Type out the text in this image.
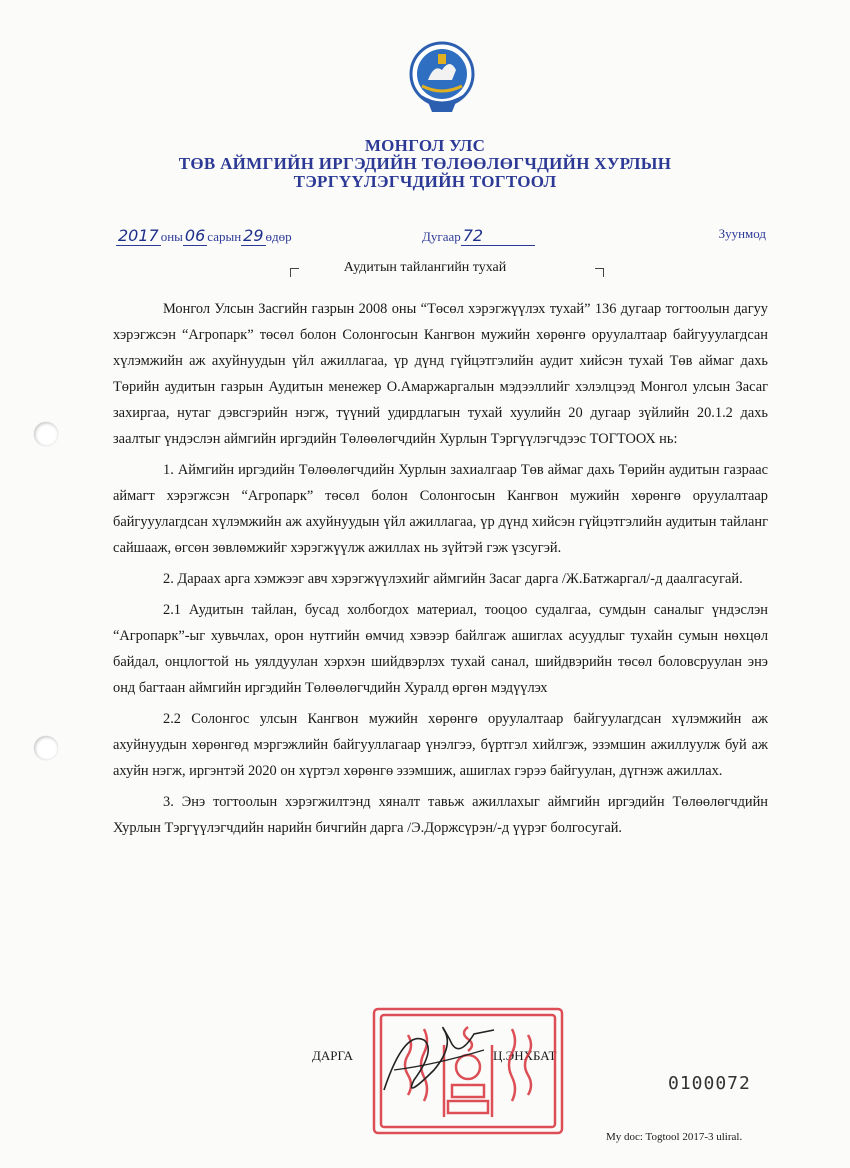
МОНГОЛ УЛС
ТӨВ АЙМГИЙН ИРГЭДИЙН ТӨЛӨӨЛӨГЧДИЙН ХУРЛЫН
ТЭРГҮҮЛЭГЧДИЙН ТОГТООЛ
2017 оны 06 сарын 29 өдөр	Дугаар 72	Зуунмод
Аудитын тайлангийн тухай

Монгол Улсын Засгийн газрын 2008 оны “Төсөл хэрэгжүүлэх тухай” 136 дугаар тогтоолын дагуу хэрэгжсэн “Агропарк” төсөл болон Солонгосын Кангвон мужийн хөрөнгө оруулалтаар байгууулагдсан хүлэмжийн аж ахуйнуудын үйл ажиллагаа, үр дүнд гүйцэтгэлийн аудит хийсэн тухай Төв аймаг дахь Төрийн аудитын газрын Аудитын менежер О.Амаржаргалын мэдээллийг хэлэлцээд Монгол улсын Засаг захиргаа, нутаг дэвсгэрийн нэгж, түүний удирдлагын тухай хуулийн 20 дугаар зүйлийн 20.1.2 дахь заалтыг үндэслэн аймгийн иргэдийн Төлөөлөгчдийн Хурлын Тэргүүлэгчдээс ТОГТООХ нь:

1. Аймгийн иргэдийн Төлөөлөгчдийн Хурлын захиалгаар Төв аймаг дахь Төрийн аудитын газраас аймагт хэрэгжсэн “Агропарк” төсөл болон Солонгосын Кангвон мужийн хөрөнгө оруулалтаар байгууулагдсан хүлэмжийн аж ахуйнуудын үйл ажиллагаа, үр дүнд хийсэн гүйцэтгэлийн аудитын тайланг сайшааж, өгсөн зөвлөмжийг хэрэгжүүлж ажиллах нь зүйтэй гэж үзсугэй.

2. Дараах арга хэмжээг авч хэрэгжүүлэхийг аймгийн Засаг дарга /Ж.Батжаргал/-д даалгасугай.

2.1 Аудитын тайлан, бусад холбогдох материал, тооцоо судалгаа, сумдын саналыг үндэслэн “Агропарк”-ыг хувьчлах, орон нутгийн өмчид хэвээр байлгаж ашиглах асуудлыг тухайн сумын нөхцөл байдал, онцлогтой нь уялдуулан хэрхэн шийдвэрлэх тухай санал, шийдвэрийн төсөл боловсруулан энэ онд багтаан аймгийн иргэдийн Төлөөлөгчдийн Хуралд өргөн мэдүүлэх

2.2 Солонгос улсын Кангвон мужийн хөрөнгө оруулалтаар байгуулагдсан хүлэмжийн аж ахуйнуудын хөрөнгөд мэргэжлийн байгууллагаар үнэлгээ, бүртгэл хийлгэж, эзэмшин ажиллуулж буй аж ахуйн нэгж, иргэнтэй 2020 он хүртэл хөрөнгө эзэмшиж, ашиглах гэрээ байгуулан, дүгнэж ажиллах.

3. Энэ тогтоолын хэрэгжилтэнд хяналт тавьж ажиллахыг аймгийн иргэдийн Төлөөлөгчдийн Хурлын Тэргүүлэгчдийн нарийн бичгийн дарга /Э.Доржсүрэн/-д үүрэг болгосугай.

ДАРГА	Ц.ЭНХБАТ
0100072
My doc: Togtool 2017-3 uliral.
